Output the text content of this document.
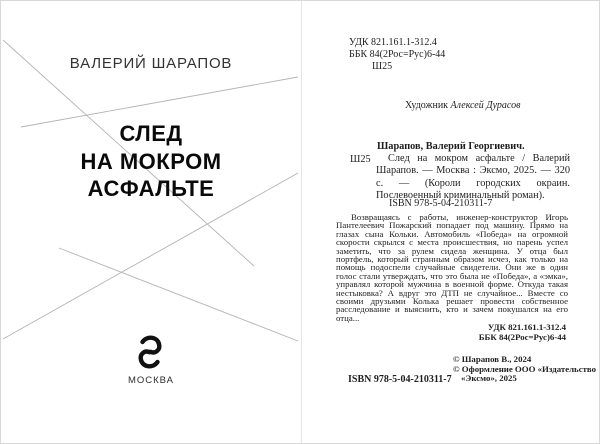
ВАЛЕРИЙ ШАРАПОВ
СЛЕД
НА МОКРОМ
АСФАЛЬТЕ
МОСКВА
УДК 821.161.1-312.4
ББК 84(2Рос=Рус)6-44
Ш25
Художник Алексей Дурасов
Шарапов, Валерий Георгиевич.
Ш25	След на мокром асфальте / Валерий Шарапов. — Москва : Эксмо, 2025. — 320 с. — (Короли городских окраин. Послевоенный криминальный роман).
ISBN 978-5-04-210311-7
Возвращаясь с работы, инженер-конструктор Игорь Пантелеевич Пожарский попадает под машину. Прямо на глазах сына Кольки. Автомобиль «Победа» на огромной скорости скрылся с места происшествия, но парень успел заметить, что за рулем сидела женщина. У отца был портфель, который странным образом исчез, как только на помощь подоспели случайные свидетели. Они же в один голос стали утверждать, что это была не «Победа», а «эмка», управлял которой мужчина в военной форме. Откуда такая нестыковка? А вдруг это ДТП не случайное... Вместе со своими друзьями Колька решает провести собственное расследование и выяснить, кто и зачем покушался на его отца...
УДК 821.161.1-312.4
ББК 84(2Рос=Рус)6-44
© Шарапов В., 2024
© Оформление ООО «Издательство
«Эксмо», 2025
ISBN 978-5-04-210311-7
